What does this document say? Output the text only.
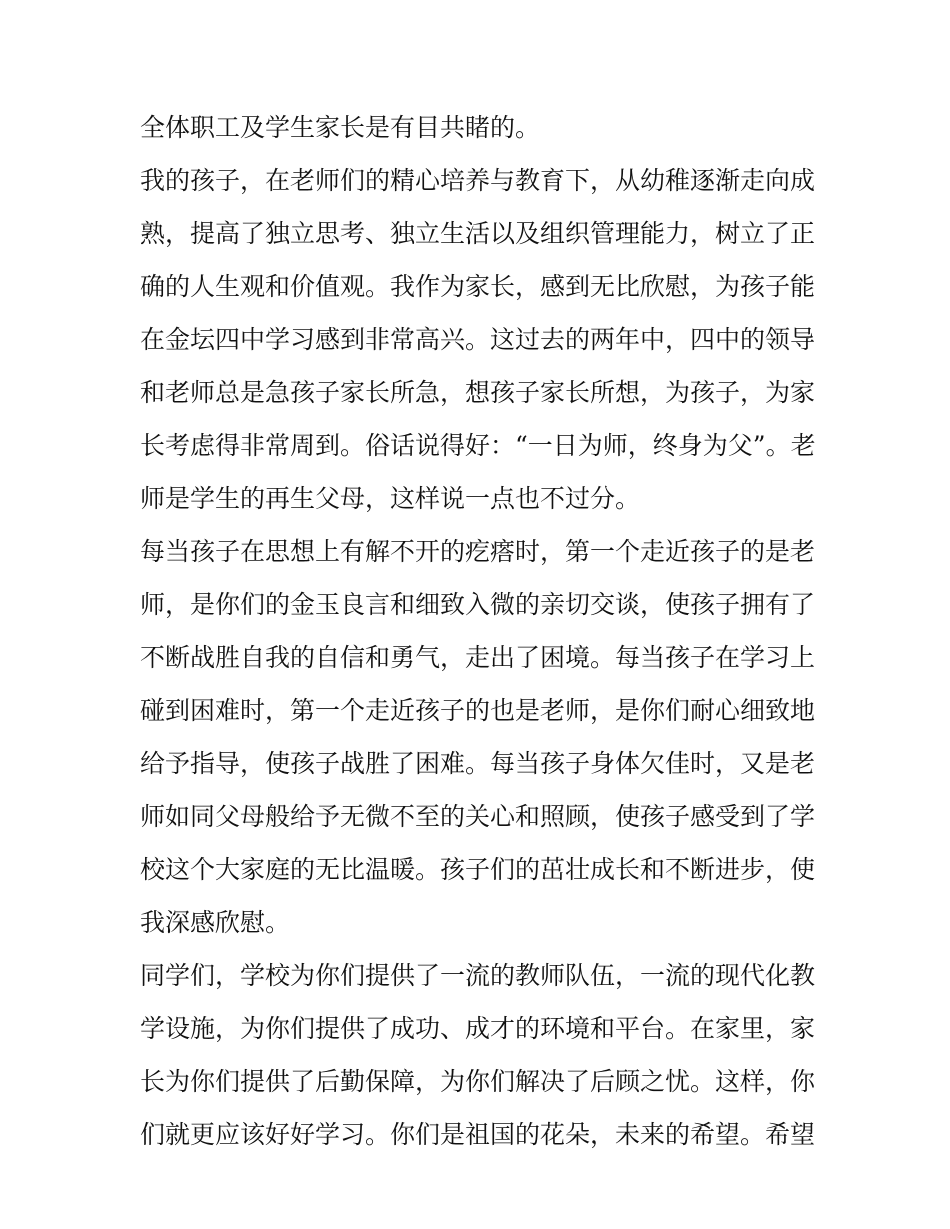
全体职工及学生家长是有目共睹的。

我的孩子，在老师们的精心培养与教育下，从幼稚逐渐走向成

熟，提高了独立思考、独立生活以及组织管理能力，树立了正

确的人生观和价值观。我作为家长，感到无比欣慰，为孩子能

在金坛四中学习感到非常高兴。这过去的两年中，四中的领导

和老师总是急孩子家长所急，想孩子家长所想，为孩子，为家

长考虑得非常周到。俗话说得好：“一日为师，终身为父”。老

师是学生的再生父母，这样说一点也不过分。

每当孩子在思想上有解不开的疙瘩时，第一个走近孩子的是老

师，是你们的金玉良言和细致入微的亲切交谈，使孩子拥有了

不断战胜自我的自信和勇气，走出了困境。每当孩子在学习上

碰到困难时，第一个走近孩子的也是老师，是你们耐心细致地

给予指导，使孩子战胜了困难。每当孩子身体欠佳时，又是老

师如同父母般给予无微不至的关心和照顾，使孩子感受到了学

校这个大家庭的无比温暖。孩子们的茁壮成长和不断进步，使

我深感欣慰。

同学们，学校为你们提供了一流的教师队伍，一流的现代化教

学设施，为你们提供了成功、成才的环境和平台。在家里，家

长为你们提供了后勤保障，为你们解决了后顾之忧。这样，你

们就更应该好好学习。你们是祖国的花朵，未来的希望。希望
